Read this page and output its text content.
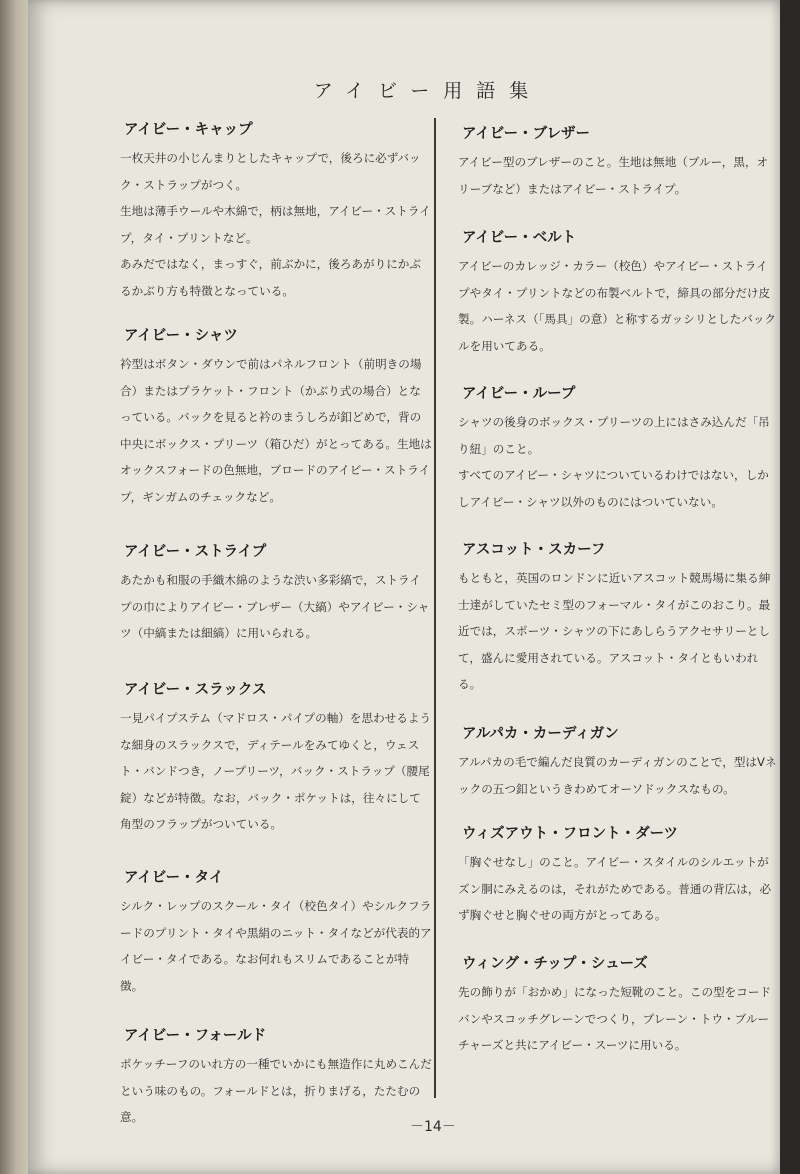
アイビー用語集
アイビー・キャップ

一枚天井の小じんまりとしたキャップで，後ろに必ずバック・ストラップがつく。

生地は薄手ウールや木綿で，柄は無地，アイビー・ストライプ，タイ・プリントなど。

あみだではなく，まっすぐ，前ぶかに，後ろあがりにかぶるかぶり方も特徴となっている。

アイビー・シャツ

衿型はボタン・ダウンで前はパネルフロント（前明きの場合）またはプラケット・フロント（かぶり式の場合）となっている。バックを見ると衿のまうしろが釦どめで，背の中央にボックス・プリーツ（箱ひだ）がとってある。生地はオックスフォードの色無地，ブロードのアイビー・ストライプ，ギンガムのチェックなど。

アイビー・ストライプ

あたかも和服の手織木綿のような渋い多彩縞で，ストライプの巾によりアイビー・ブレザー（大縞）やアイビー・シャツ（中縞または細縞）に用いられる。

アイビー・スラックス

一見パイプステム（マドロス・パイプの軸）を思わせるような細身のスラックスで，ディテールをみてゆくと，ウェスト・バンドつき，ノープリーツ，バック・ストラップ（腰尾錠）などが特徴。なお，バック・ポケットは，往々にして角型のフラップがついている。

アイビー・タイ

シルク・レップのスクール・タイ（校色タイ）やシルクフラードのプリント・タイや黒絹のニット・タイなどが代表的アイビー・タイである。なお何れもスリムであることが特徴。

アイビー・フォールド

ポケッチーフのいれ方の一種でいかにも無造作に丸めこんだという味のもの。フォールドとは，折りまげる，たたむの意。

アイビー・ブレザー

アイビー型のブレザーのこと。生地は無地（ブルー，黒，オリーブなど）またはアイビー・ストライプ。

アイビー・ベルト

アイビーのカレッジ・カラー（校色）やアイビー・ストライプやタイ・プリントなどの布製ベルトで，締具の部分だけ皮製。ハーネス（「馬具」の意）と称するガッシリとしたバックルを用いてある。

アイビー・ループ

シャツの後身のボックス・プリーツの上にはさみ込んだ「吊り紐」のこと。

すべてのアイビー・シャツについているわけではない，しかしアイビー・シャツ以外のものにはついていない。

アスコット・スカーフ

もともと，英国のロンドンに近いアスコット競馬場に集る紳士達がしていたセミ型のフォーマル・タイがこのおこり。最近では，スポーツ・シャツの下にあしらうアクセサリーとして，盛んに愛用されている。アスコット・タイともいわれる。

アルパカ・カーディガン

アルパカの毛で編んだ良質のカーディガンのことで，型はVネックの五つ釦というきわめてオーソドックスなもの。

ウィズアウト・フロント・ダーツ

「胸ぐせなし」のこと。アイビー・スタイルのシルエットがズン胴にみえるのは，それがためである。普通の背広は，必ず胸ぐせと胸ぐせの両方がとってある。

ウィング・チップ・シューズ

先の飾りが「おかめ」になった短靴のこと。この型をコードバンやスコッチグレーンでつくり，プレーン・トウ・ブルーチャーズと共にアイビー・スーツに用いる。

－14－
